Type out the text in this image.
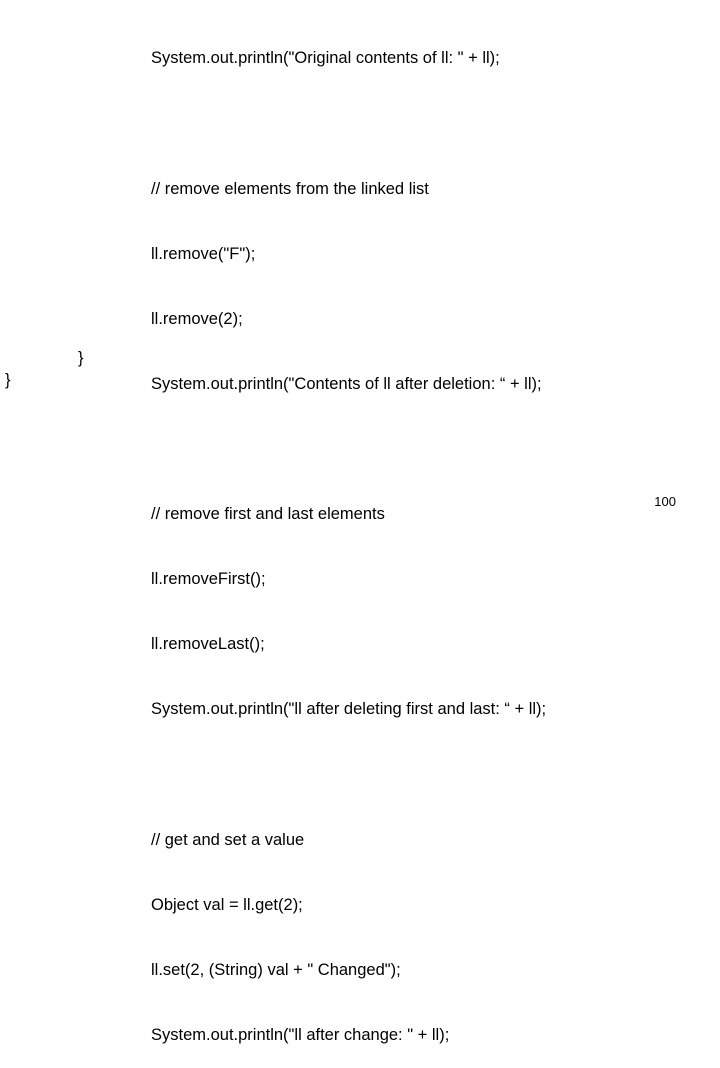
System.out.println("Original contents of ll: " + ll);

// remove elements from the linked list

ll.remove("F");

ll.remove(2);

System.out.println("Contents of ll after deletion: “ + ll);

// remove first and last elements

ll.removeFirst();

ll.removeLast();

System.out.println("ll after deleting first and last: “ + ll);

// get and set a value

Object val = ll.get(2);

ll.set(2, (String) val + " Changed");

System.out.println("ll after change: " + ll);

}
}
100
